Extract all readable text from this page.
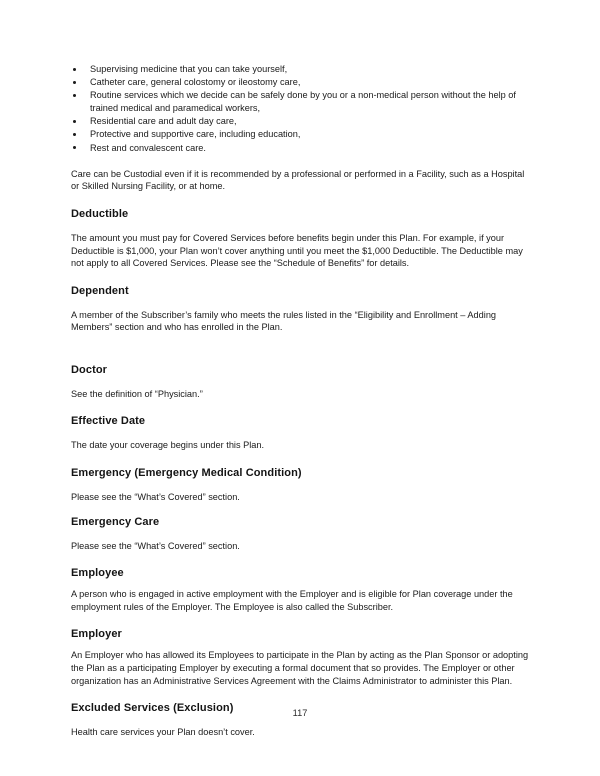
Supervising medicine that you can take yourself,
Catheter care, general colostomy or ileostomy care,
Routine services which we decide can be safely done by you or a non-medical person without the help of trained medical and paramedical workers,
Residential care and adult day care,
Protective and supportive care, including education,
Rest and convalescent care.

Care can be Custodial even if it is recommended by a professional or performed in a Facility, such as a Hospital or Skilled Nursing Facility, or at home.

Deductible

The amount you must pay for Covered Services before benefits begin under this Plan. For example, if your Deductible is $1,000, your Plan won’t cover anything until you meet the $1,000 Deductible. The Deductible may not apply to all Covered Services. Please see the “Schedule of Benefits” for details.

Dependent

A member of the Subscriber’s family who meets the rules listed in the “Eligibility and Enrollment – Adding Members” section and who has enrolled in the Plan.

Doctor

See the definition of “Physician.”

Effective Date

The date your coverage begins under this Plan.

Emergency (Emergency Medical Condition)

Please see the “What’s Covered” section.

Emergency Care

Please see the “What’s Covered” section.

Employee

A person who is engaged in active employment with the Employer and is eligible for Plan coverage under the employment rules of the Employer. The Employee is also called the Subscriber.

Employer

An Employer who has allowed its Employees to participate in the Plan by acting as the Plan Sponsor or adopting the Plan as a participating Employer by executing a formal document that so provides. The Employer or other organization has an Administrative Services Agreement with the Claims Administrator to administer this Plan.

Excluded Services (Exclusion)

Health care services your Plan doesn’t cover.

117
